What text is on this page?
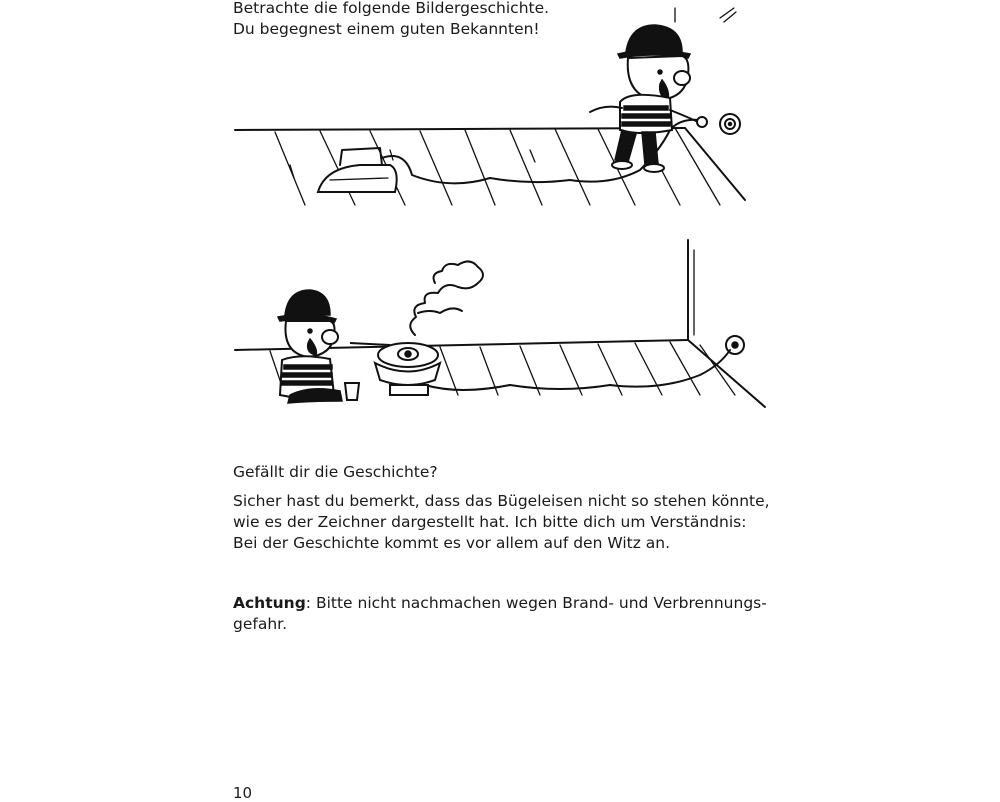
Betrachte die folgende Bildergeschichte.
Du begegnest einem guten Bekannten!
Gefällt dir die Geschichte?
Sicher hast du bemerkt, dass das Bügeleisen nicht so stehen könnte,
wie es der Zeichner dargestellt hat. Ich bitte dich um Verständnis:
Bei der Geschichte kommt es vor allem auf den Witz an.
Achtung: Bitte nicht nachmachen wegen Brand- und Verbrennungs-
gefahr.
10
